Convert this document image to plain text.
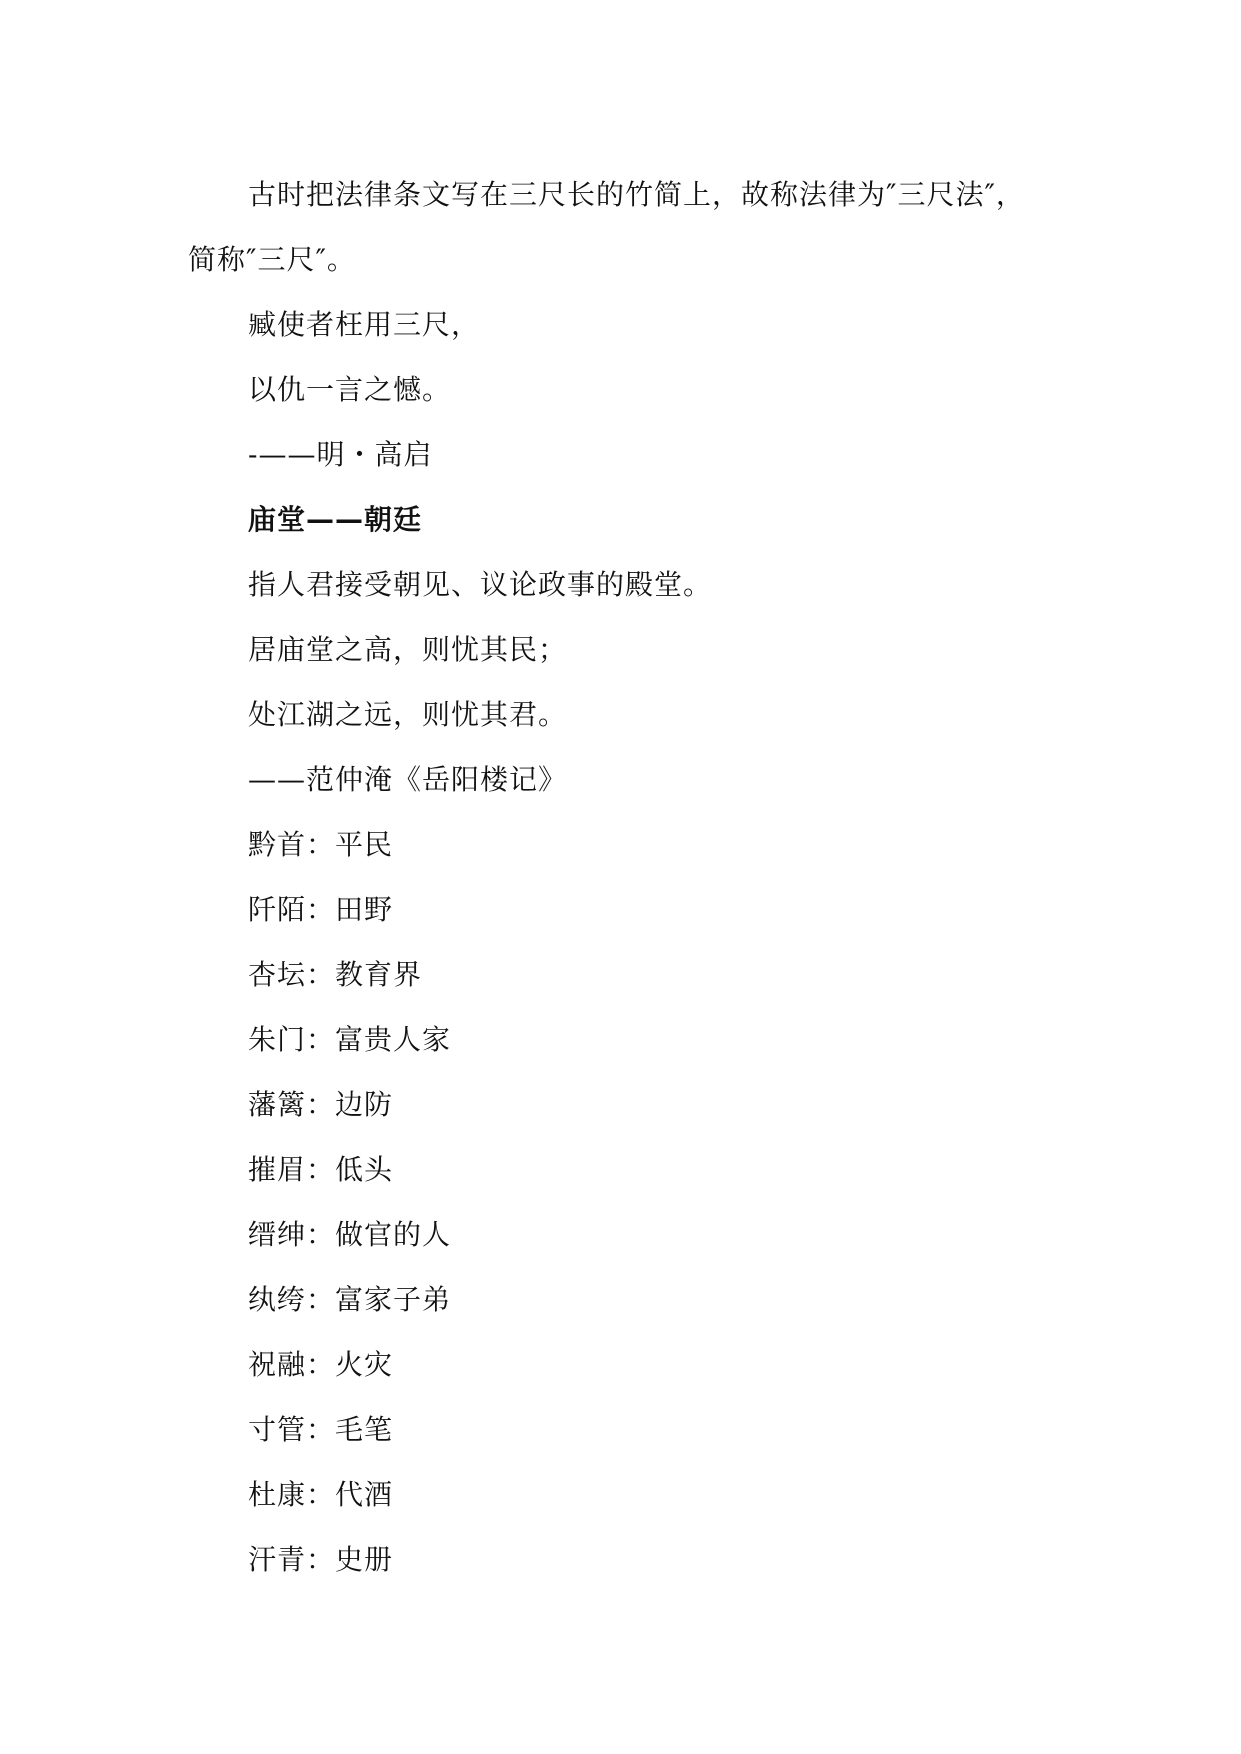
古时把法律条文写在三尺长的竹简上，故称法律为″三尺法″，
简称″三尺″。
臧使者枉用三尺，
以仇一言之憾。
-——明・高启
庙堂——朝廷
指人君接受朝见、议论政事的殿堂。
居庙堂之高，则忧其民；
处江湖之远，则忧其君。
——范仲淹《岳阳楼记》
黔首：平民
阡陌：田野
杏坛：教育界
朱门：富贵人家
藩篱：边防
摧眉：低头
缙绅：做官的人
纨绔：富家子弟
祝融：火灾
寸管：毛笔
杜康：代酒
汗青：史册
